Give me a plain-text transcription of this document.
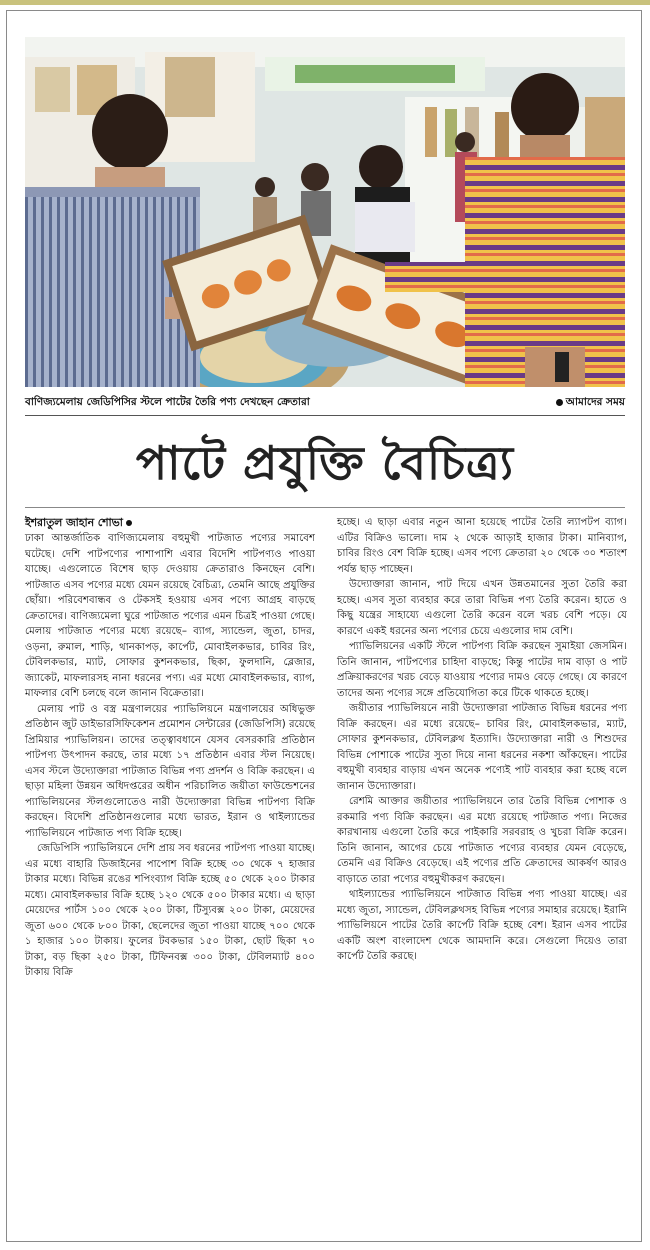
বাণিজ্যমেলায় জেডিপিসির স্টলে পাটের তৈরি পণ্য দেখছেন ক্রেতারা	আমাদের সময়
পাটে প্রযুক্তি বৈচিত্র্য
ইশরাতুল জাহান শোভা

ঢাকা আন্তর্জাতিক বাণিজ্যমেলায় বহুমুখী পাটজাত পণ্যের সমাবেশ ঘটেছে। দেশি পাটপণ্যের পাশাপাশি এবার বিদেশি পাটপণ্যও পাওয়া যাচ্ছে। এগুলোতে বিশেষ ছাড় দেওয়ায় ক্রেতারাও কিনছেন বেশি। পাটজাত এসব পণ্যের মধ্যে যেমন রয়েছে বৈচিত্র্য, তেমনি আছে প্রযুক্তির ছোঁয়া। পরিবেশবান্ধব ও টেকসই হওয়ায় এসব পণ্যে আগ্রহ বাড়ছে ক্রেতাদের। বাণিজ্যমেলা ঘুরে পাটজাত পণ্যের এমন চিত্রই পাওয়া গেছে। মেলায় পাটজাত পণ্যের মধ্যে রয়েছে– ব্যাগ, স্যান্ডেল, জুতা, চাদর, ওড়না, রুমাল, শাড়ি, থানকাপড়, কার্পেট, মোবাইলকভার, চাবির রিং, টেবিলকভার, ম্যাট, সোফার কুশনকভার, ছিকা, ফুলদানি, ব্লেজার, জ্যাকেট, মাফলারসহ নানা ধরনের পণ্য। এর মধ্যে মোবাইলকভার, ব্যাগ, মাফলার বেশি চলছে বলে জানান বিক্রেতারা।

মেলায় পাট ও বস্ত্র মন্ত্রণালয়ের প্যাভিলিয়নে মন্ত্রণালয়ের অধিভুক্ত প্রতিষ্ঠান জুট ডাইভারসিফিকেশন প্রমোশন সেন্টারের (জেডিপিসি) রয়েছে প্রিমিয়ার প্যাভিলিয়ন। তাদের তত্ত্বাবধানে যেসব বেসরকারি প্রতিষ্ঠান পাটপণ্য উৎপাদন করছে, তার মধ্যে ১৭ প্রতিষ্ঠান এবার স্টল নিয়েছে। এসব স্টলে উদ্যোক্তারা পাটজাত বিভিন্ন পণ্য প্রদর্শন ও বিক্রি করছেন। এ ছাড়া মহিলা উন্নয়ন অধিদপ্তরের অধীন পরিচালিত জয়ীতা ফাউন্ডেশনের প্যাভিলিয়নের স্টলগুলোতেও নারী উদ্যোক্তারা বিভিন্ন পাটপণ্য বিক্রি করছেন। বিদেশি প্রতিষ্ঠানগুলোর মধ্যে ভারত, ইরান ও থাইল্যান্ডের প্যাভিলিয়নে পাটজাত পণ্য বিক্রি হচ্ছে।

জেডিপিসি প্যাভিলিয়নে দেশি প্রায় সব ধরনের পাটপণ্য পাওয়া যাচ্ছে। এর মধ্যে বাহারি ডিজাইনের পাপোশ বিক্রি হচ্ছে ৩০ থেকে ৭ হাজার টাকার মধ্যে। বিভিন্ন রঙের শপিংব্যাগ বিক্রি হচ্ছে ৫০ থেকে ২০০ টাকার মধ্যে। মোবাইলকভার বিক্রি হচ্ছে ১২০ থেকে ৫০০ টাকার মধ্যে। এ ছাড়া মেয়েদের পার্টস ১০০ থেকে ২০০ টাকা, টিস্যুবক্স ২০০ টাকা, মেয়েদের জুতা ৬০০ থেকে ৮০০ টাকা, ছেলেদের জুতা পাওয়া যাচ্ছে ৭০০ থেকে ১ হাজার ১০০ টাকায়। ফুলের টবকভার ১৫০ টাকা, ছোট ছিকা ৭০ টাকা, বড় ছিকা ২৫০ টাকা, টিফিনবক্স ৩০০ টাকা, টেবিলম্যাট ৪০০ টাকায় বিক্রি

হচ্ছে। এ ছাড়া এবার নতুন আনা হয়েছে পাটের তৈরি ল্যাপটপ ব্যাগ। এটির বিক্রিও ভালো। দাম ২ থেকে আড়াই হাজার টাকা। মানিব্যাগ, চাবির রিংও বেশ বিক্রি হচ্ছে। এসব পণ্যে ক্রেতারা ২০ থেকে ৩০ শতাংশ পর্যন্ত ছাড় পাচ্ছেন।

উদ্যোক্তারা জানান, পাট দিয়ে এখন উন্নতমানের সুতা তৈরি করা হচ্ছে। এসব সুতা ব্যবহার করে তারা বিভিন্ন পণ্য তৈরি করেন। হাতে ও কিছু যন্ত্রের সাহায্যে এগুলো তৈরি করেন বলে খরচ বেশি পড়ে। যে কারণে একই ধরনের অন্য পণ্যের চেয়ে এগুলোর দাম বেশি।

প্যাভিলিয়নের একটি স্টলে পাটপণ্য বিক্রি করছেন সুমাইয়া জেসমিন। তিনি জানান, পাটপণ্যের চাহিদা বাড়ছে; কিন্তু পাটের দাম বাড়া ও পাট প্রক্রিয়াকরণের খরচ বেড়ে যাওয়ায় পণ্যের দামও বেড়ে গেছে। যে কারণে তাদের অন্য পণ্যের সঙ্গে প্রতিযোগিতা করে টিকে থাকতে হচ্ছে।

জয়ীতার প্যাভিলিয়নে নারী উদ্যোক্তারা পাটজাত বিভিন্ন ধরনের পণ্য বিক্রি করছেন। এর মধ্যে রয়েছে– চাবির রিং, মোবাইলকভার, ম্যাট, সোফার কুশনকভার, টেবিলক্লথ ইত্যাদি। উদ্যোক্তারা নারী ও শিশুদের বিভিন্ন পোশাকে পাটের সুতা দিয়ে নানা ধরনের নকশা আঁকছেন। পাটের বহুমুখী ব্যবহার বাড়ায় এখন অনেক পণ্যেই পাট ব্যবহার করা হচ্ছে বলে জানান উদ্যোক্তারা।

রেশমি আক্তার জয়ীতার প্যাভিলিয়নে তার তৈরি বিভিন্ন পোশাক ও রকমারি পণ্য বিক্রি করছেন। এর মধ্যে রয়েছে পাটজাত পণ্য। নিজের কারখানায় এগুলো তৈরি করে পাইকারি সরবরাহ ও খুচরা বিক্রি করেন। তিনি জানান, আগের চেয়ে পাটজাত পণ্যের ব্যবহার যেমন বেড়েছে, তেমনি এর বিক্রিও বেড়েছে। এই পণ্যের প্রতি ক্রেতাদের আকর্ষণ আরও বাড়াতে তারা পণ্যের বহুমুখীকরণ করছেন।

থাইল্যান্ডের প্যাভিলিয়নে পাটজাত বিভিন্ন পণ্য পাওয়া যাচ্ছে। এর মধ্যে জুতা, স্যান্ডেল, টেবিলক্লথসহ বিভিন্ন পণ্যের সমাহার রয়েছে। ইরানি প্যাভিলিয়নে পাটের তৈরি কার্পেট বিক্রি হচ্ছে বেশ। ইরান এসব পাটের একটি অংশ বাংলাদেশ থেকে আমদানি করে। সেগুলো দিয়েও তারা কার্পেট তৈরি করছে।
